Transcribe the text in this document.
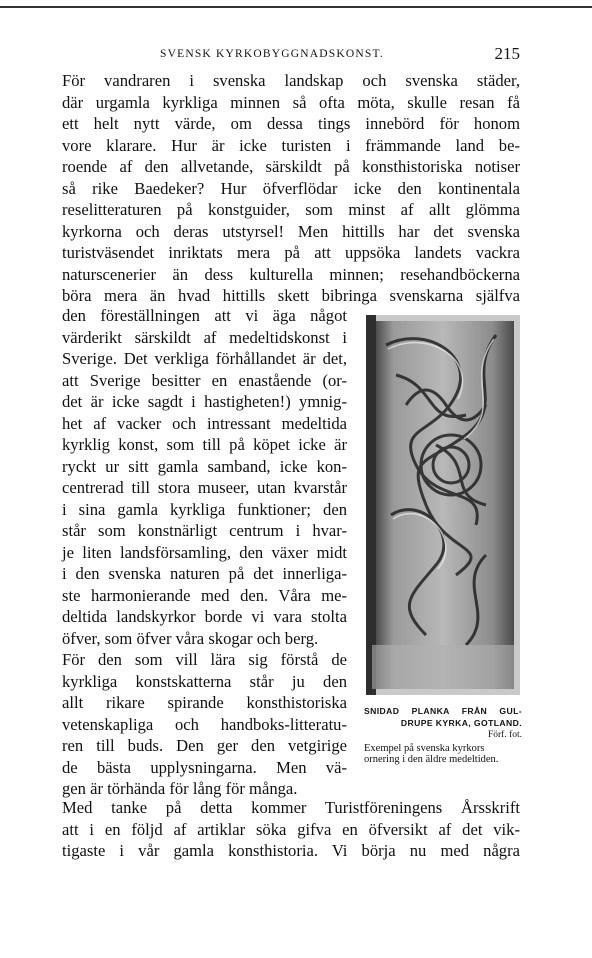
SVENSK KYRKOBYGGNADSKONST.	215
För vandraren i svenska landskap och svenska städer,
där urgamla kyrkliga minnen så ofta möta, skulle resan få
ett helt nytt värde, om dessa tings innebörd för honom
vore klarare. Hur är icke turisten i främmande land be-
roende af den allvetande, särskildt på konsthistoriska notiser
så rike Baedeker? Hur öfverflödar icke den kontinentala
reselitteraturen på konstguider, som minst af allt glömma
kyrkorna och deras utstyrsel! Men hittills har det svenska
turistväsendet inriktats mera på att uppsöka landets vackra
naturscenerier än dess kulturella minnen; resehandböckerna
böra mera än hvad hittills skett bibringa svenskarna själfva
den föreställningen att vi äga något
värderikt särskildt af medeltidskonst i
Sverige. Det verkliga förhållandet är det,
att Sverige besitter en enastående (or-
det är icke sagdt i hastigheten!) ymnig-
het af vacker och intressant medeltida
kyrklig konst, som till på köpet icke är
ryckt ur sitt gamla samband, icke kon-
centrerad till stora museer, utan kvarstår
i sina gamla kyrkliga funktioner; den
står som konstnärligt centrum i hvar-
je liten landsförsamling, den växer midt
i den svenska naturen på det innerliga-
ste harmonierande med den. Våra me-
deltida landskyrkor borde vi vara stolta
öfver, som öfver våra skogar och berg.
För den som vill lära sig förstå de
kyrkliga konstskatterna står ju den
allt rikare spirande konsthistoriska
vetenskapliga och handboks-litteratu-
ren till buds. Den ger den vetgirige
de bästa upplysningarna. Men vä-
gen är törhända för lång för många.
Med tanke på detta kommer Turistföreningens Årsskrift
att i en följd af artiklar söka gifva en öfversikt af det vik-
tigaste i vår gamla konsthistoria. Vi börja nu med några
SNIDAD PLANKA FRÅN GUL-
DRUPE KYRKA, GOTLAND.
Förf. fot.
Exempel på svenska kyrkors ornering i den äldre medeltiden.
